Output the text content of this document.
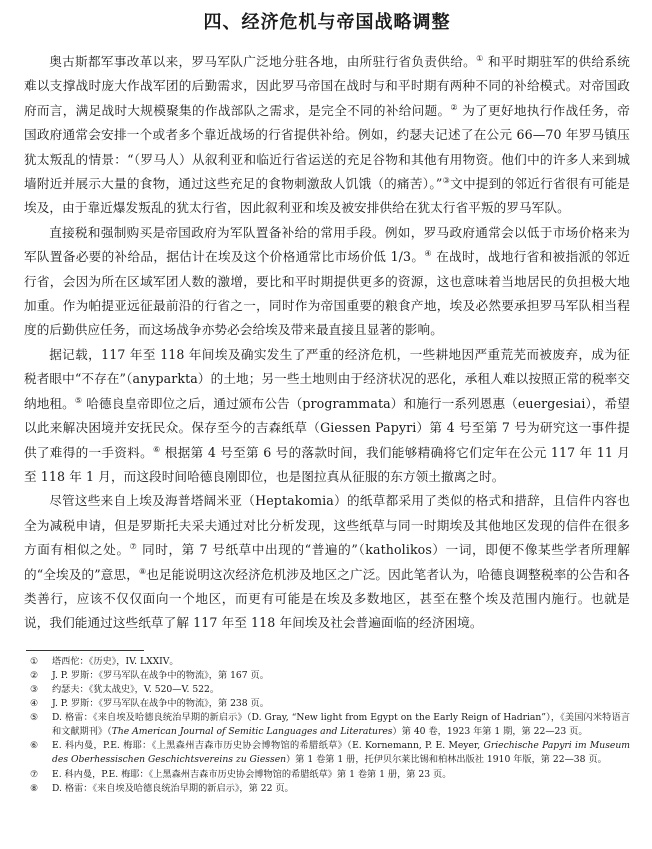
四、经济危机与帝国战略调整

奥古斯都军事改革以来，罗马军队广泛地分驻各地，由所驻行省负责供给。① 和平时期驻军的供给系统难以支撑战时庞大作战军团的后勤需求，因此罗马帝国在战时与和平时期有两种不同的补给模式。对帝国政府而言，满足战时大规模聚集的作战部队之需求，是完全不同的补给问题。② 为了更好地执行作战任务，帝国政府通常会安排一个或者多个靠近战场的行省提供补给。例如，约瑟夫记述了在公元 66—70 年罗马镇压犹太叛乱的情景：“（罗马人）从叙利亚和临近行省运送的充足谷物和其他有用物资。他们中的许多人来到城墙附近并展示大量的食物，通过这些充足的食物刺激敌人饥饿（的痛苦）。”③文中提到的邻近行省很有可能是埃及，由于靠近爆发叛乱的犹太行省，因此叙利亚和埃及被安排供给在犹太行省平叛的罗马军队。

直接税和强制购买是帝国政府为军队置备补给的常用手段。例如，罗马政府通常会以低于市场价格来为军队置备必要的补给品，据估计在埃及这个价格通常比市场价低 1/3。④ 在战时，战地行省和被指派的邻近行省，会因为所在区域军团人数的激增，要比和平时期提供更多的资源，这也意味着当地居民的负担极大地加重。作为帕提亚远征最前沿的行省之一，同时作为帝国重要的粮食产地，埃及必然要承担罗马军队相当程度的后勤供应任务，而这场战争亦势必会给埃及带来最直接且显著的影响。

据记载，117 年至 118 年间埃及确实发生了严重的经济危机，一些耕地因严重荒芜而被废弃，成为征税者眼中“不存在”（anyparkta）的土地；另一些土地则由于经济状况的恶化，承租人难以按照正常的税率交纳地租。⑤ 哈德良皇帝即位之后，通过颁布公告（programmata）和施行一系列恩惠（euergesiai），希望以此来解决困境并安抚民众。保存至今的吉森纸草（Giessen Papyri）第 4 号至第 7 号为研究这一事件提供了难得的一手资料。⑥ 根据第 4 号至第 6 号的落款时间，我们能够精确将它们定年在公元 117 年 11 月至 118 年 1 月，而这段时间哈德良刚即位，也是图拉真从征服的东方领土撤离之时。

尽管这些来自上埃及海普塔阔米亚（Heptakomia）的纸草都采用了类似的格式和措辞，且信件内容也全为减税申请，但是罗斯托夫采夫通过对比分析发现，这些纸草与同一时期埃及其他地区发现的信件在很多方面有相似之处。⑦ 同时，第 7 号纸草中出现的“普遍的”（katholikos）一词，即便不像某些学者所理解的“全埃及的”意思，⑧也足能说明这次经济危机涉及地区之广泛。因此笔者认为，哈德良调整税率的公告和各类善行，应该不仅仅面向一个地区，而更有可能是在埃及多数地区，甚至在整个埃及范围内施行。也就是说，我们能通过这些纸草了解 117 年至 118 年间埃及社会普遍面临的经济困境。

①	塔西佗：《历史》，IV. LXXIV。
②	J. P. 罗斯：《罗马军队在战争中的物流》，第 167 页。
③	约瑟夫：《犹太战史》，V. 520—V. 522。
④	J. P. 罗斯：《罗马军队在战争中的物流》，第 238 页。
⑤	D. 格雷：《来自埃及哈德良统治早期的新启示》（D. Gray, “New light from Egypt on the Early Reign of Hadrian”），《美国闪米特语言和文献期刊》（The American Journal of Semitic Languages and Literatures）第 40 卷，1923 年第 1 期，第 22—23 页。
⑥	E. 科内曼，P.E. 梅耶：《上黑森州吉森市历史协会博物馆的希腊纸草》（E. Kornemann, P. E. Meyer, Griechische Papyri im Museum des Oberhessischen Geschichtsvereins zu Giessen）第 1 卷第 1 册，托伊贝尔莱比锡和柏林出版社 1910 年版，第 22—38 页。
⑦	E. 科内曼，P.E. 梅耶：《上黑森州吉森市历史协会博物馆的希腊纸草》第 1 卷第 1 册，第 23 页。
⑧	D. 格雷：《来自埃及哈德良统治早期的新启示》，第 22 页。
